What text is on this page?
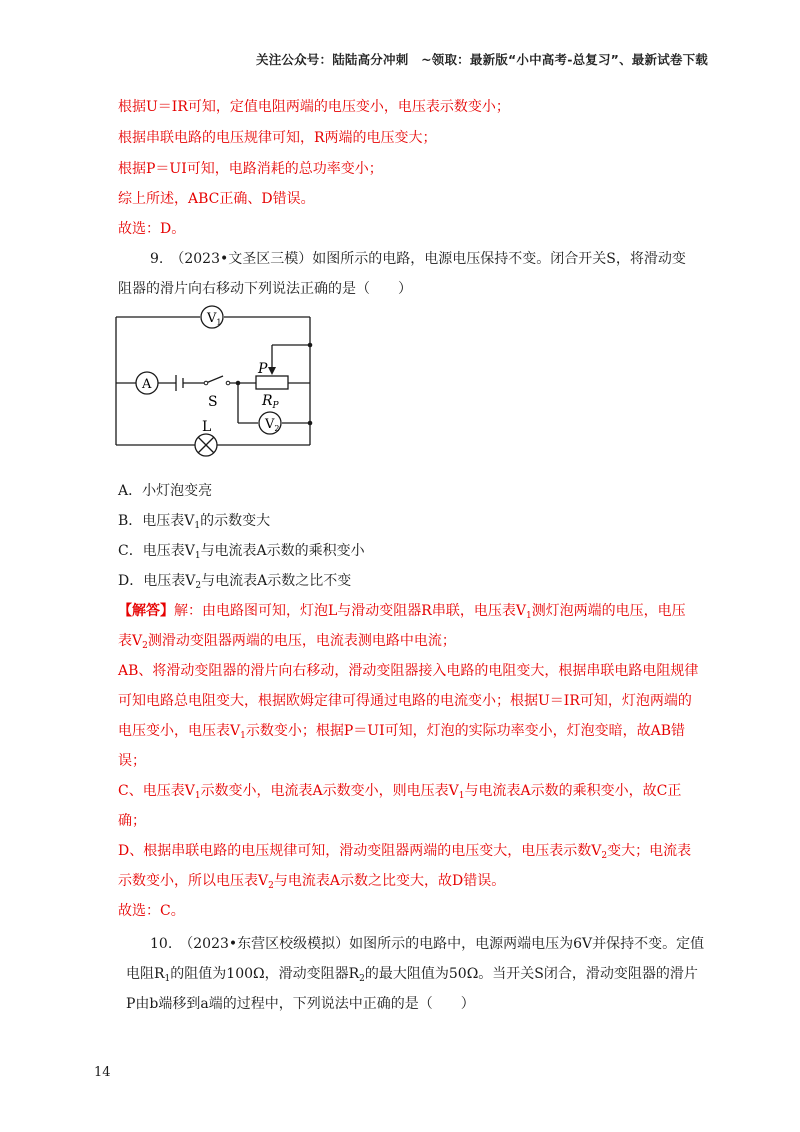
关注公众号：陆陆高分冲刺　~领取：最新版“小中高考-总复习”、最新试卷下载
根据U＝IR可知，定值电阻两端的电压变小，电压表示数变小；
根据串联电路的电压规律可知，R两端的电压变大；
根据P＝UI可知，电路消耗的总功率变小；
综上所述，ABC正确、D错误。
故选：D。
9.　（2023•文圣区三模）如图所示的电路，电源电压保持不变。闭合开关S，将滑动变
阻器的滑片向右移动下列说法正确的是（　　）
$V_1$
A
$V_2$
S
P
$R_P$
L
A．小灯泡变亮
B．电压表$V_1$的示数变大
C．电压表$V_1$与电流表A示数的乘积变小
D．电压表$V_2$与电流表A示数之比不变
【解答】解：由电路图可知，灯泡L与滑动变阻器R串联，电压表$V_1$测灯泡两端的电压，电压
表$V_2$测滑动变阻器两端的电压，电流表测电路中电流；
AB、将滑动变阻器的滑片向右移动，滑动变阻器接入电路的电阻变大，根据串联电路电阻规律
可知电路总电阻变大，根据欧姆定律可得通过电路的电流变小；根据U＝IR可知，灯泡两端的
电压变小，电压表$V_1$示数变小；根据P＝UI可知，灯泡的实际功率变小，灯泡变暗，故AB错
误；
C、电压表$V_1$示数变小，电流表A示数变小，则电压表$V_1$与电流表A示数的乘积变小，故C正
确；
D、根据串联电路的电压规律可知，滑动变阻器两端的电压变大，电压表示数$V_2$变大；电流表
示数变小，所以电压表$V_2$与电流表A示数之比变大，故D错误。
故选：C。
10.　（2023•东营区校级模拟）如图所示的电路中，电源两端电压为6V并保持不变。定值
电阻$R_1$的阻值为100Ω，滑动变阻器$R_2$的最大阻值为50Ω。当开关S闭合，滑动变阻器的滑片
P由b端移到a端的过程中，下列说法中正确的是（　　）
14
